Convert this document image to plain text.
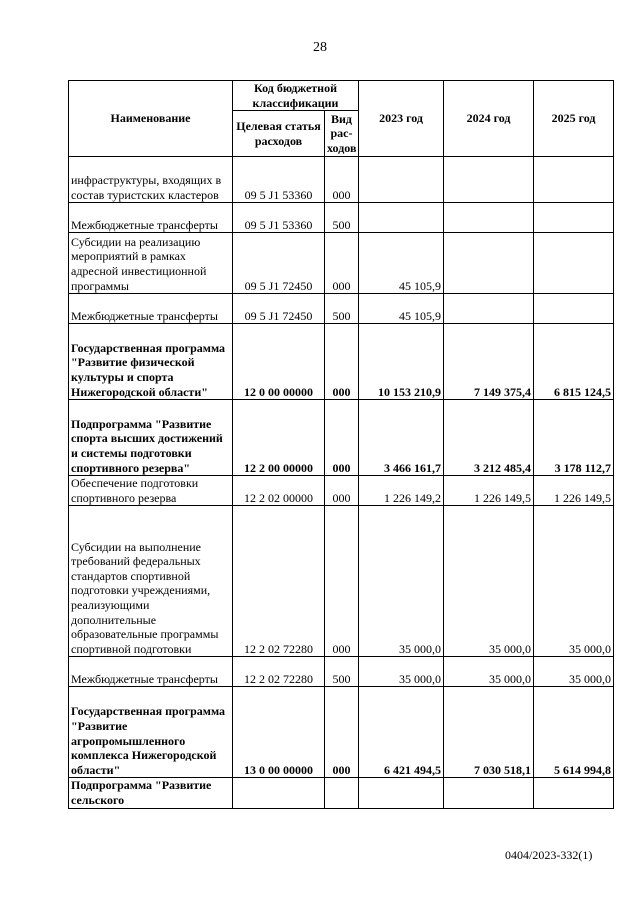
28
Наименование	Код бюджетной классификации		2023 год	2024 год	2025 год
	Целевая статья расходов	Вид рас-ходов			
инфраструктуры, входящих в состав туристских кластеров	09 5 J1 53360	000			
Межбюджетные трансферты	09 5 J1 53360	500			
Субсидии на реализацию мероприятий в рамках адресной инвестиционной программы	09 5 J1 72450	000	45 105,9		
Межбюджетные трансферты	09 5 J1 72450	500	45 105,9		
Государственная программа "Развитие физической культуры и спорта Нижегородской области"	12 0 00 00000	000	10 153 210,9	7 149 375,4	6 815 124,5
Подпрограмма "Развитие спорта высших достижений и системы подготовки спортивного резерва"	12 2 00 00000	000	3 466 161,7	3 212 485,4	3 178 112,7
Обеспечение подготовки спортивного резерва	12 2 02 00000	000	1 226 149,2	1 226 149,5	1 226 149,5
Субсидии на выполнение требований федеральных стандартов спортивной подготовки учреждениями, реализующими дополнительные образовательные программы спортивной подготовки	12 2 02 72280	000	35 000,0	35 000,0	35 000,0
Межбюджетные трансферты	12 2 02 72280	500	35 000,0	35 000,0	35 000,0
Государственная программа "Развитие агропромышленного комплекса Нижегородской области"	13 0 00 00000	000	6 421 494,5	7 030 518,1	5 614 994,8
Подпрограмма "Развитие сельского					
0404/2023-332(1)
